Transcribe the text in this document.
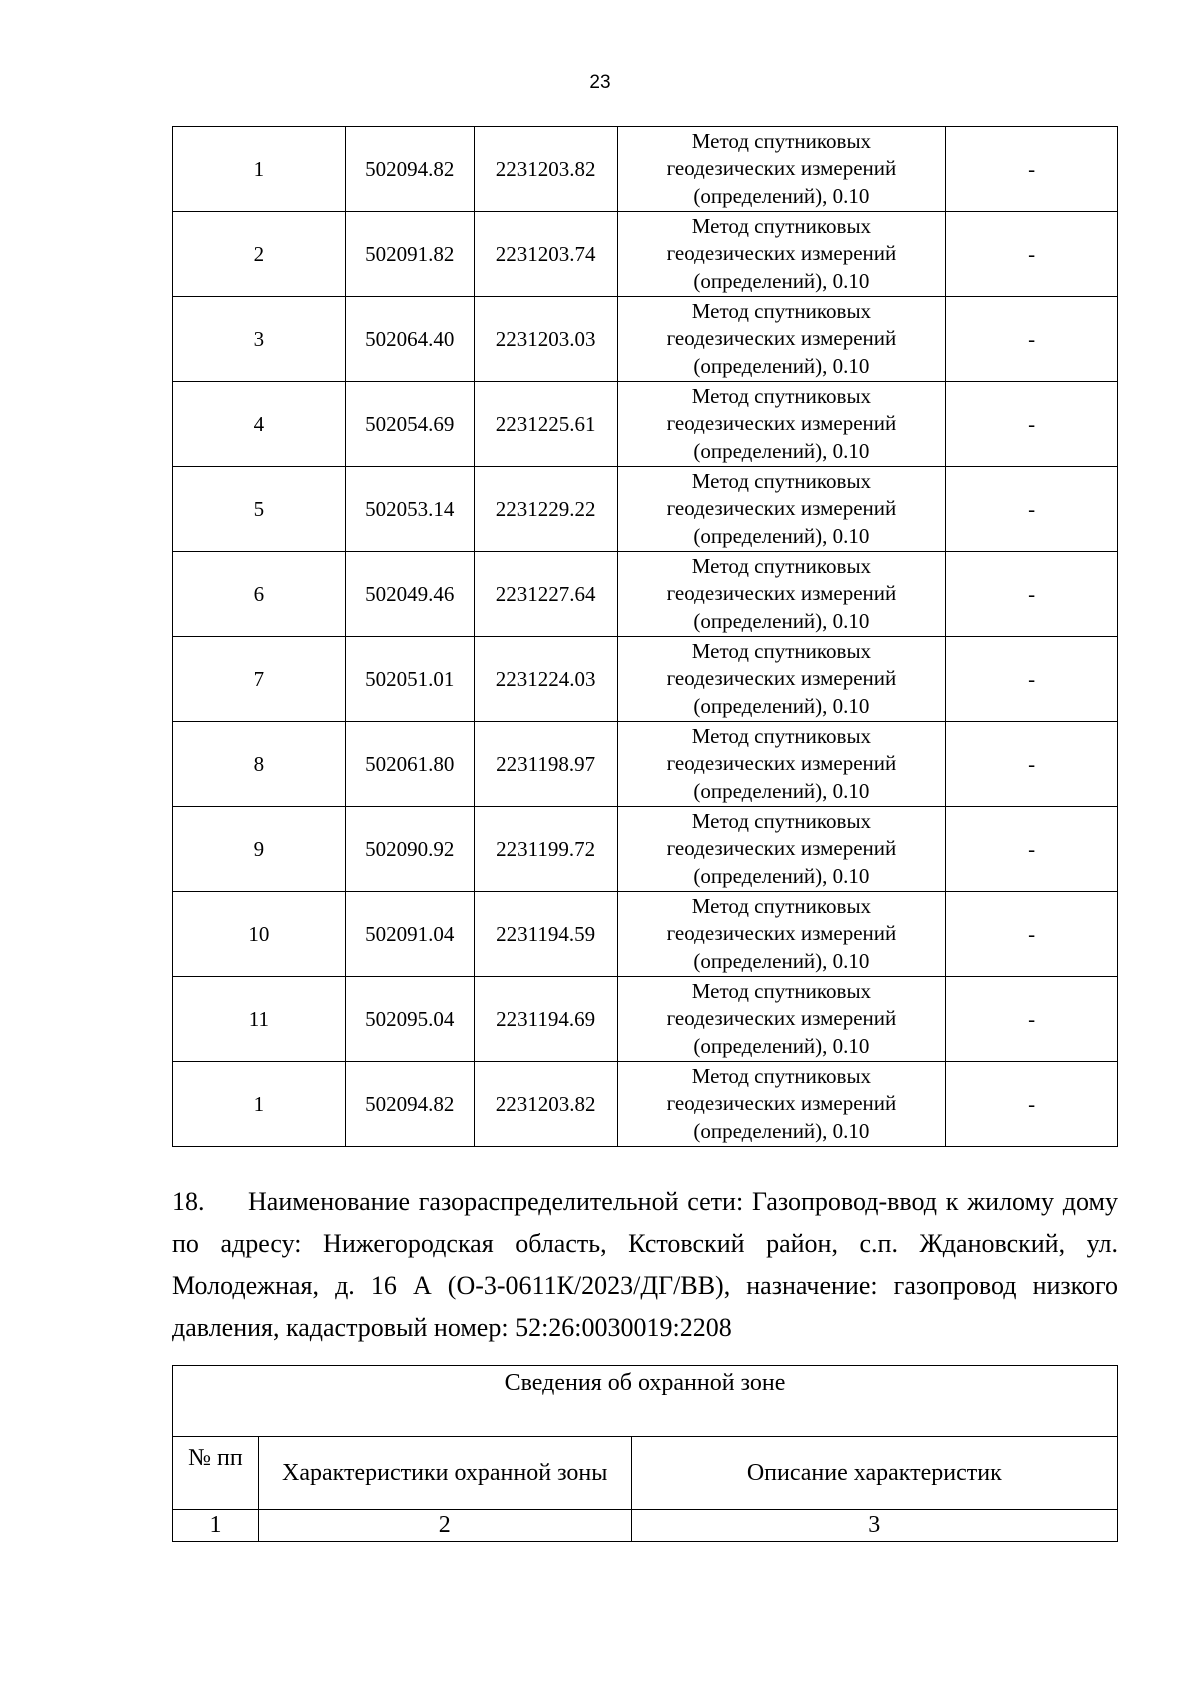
23
1	502094.82	2231203.82	Метод спутниковых
геодезических измерений
(определений), 0.10	-
2	502091.82	2231203.74	Метод спутниковых
геодезических измерений
(определений), 0.10	-
3	502064.40	2231203.03	Метод спутниковых
геодезических измерений
(определений), 0.10	-
4	502054.69	2231225.61	Метод спутниковых
геодезических измерений
(определений), 0.10	-
5	502053.14	2231229.22	Метод спутниковых
геодезических измерений
(определений), 0.10	-
6	502049.46	2231227.64	Метод спутниковых
геодезических измерений
(определений), 0.10	-
7	502051.01	2231224.03	Метод спутниковых
геодезических измерений
(определений), 0.10	-
8	502061.80	2231198.97	Метод спутниковых
геодезических измерений
(определений), 0.10	-
9	502090.92	2231199.72	Метод спутниковых
геодезических измерений
(определений), 0.10	-
10	502091.04	2231194.59	Метод спутниковых
геодезических измерений
(определений), 0.10	-
11	502095.04	2231194.69	Метод спутниковых
геодезических измерений
(определений), 0.10	-
1	502094.82	2231203.82	Метод спутниковых
геодезических измерений
(определений), 0.10	-

18. Наименование газораспределительной сети: Газопровод-ввод к жилому дому по адресу: Нижегородская область, Кстовский район, с.п. Ждановский, ул. Молодежная, д. 16 А (О-3-0611К/2023/ДГ/ВВ), назначение: газопровод низкого давления, кадастровый номер: 52:26:0030019:2208

Сведения об охранной зоне		
№ пп	Характеристики охранной зоны	Описание характеристик
1	2	3
